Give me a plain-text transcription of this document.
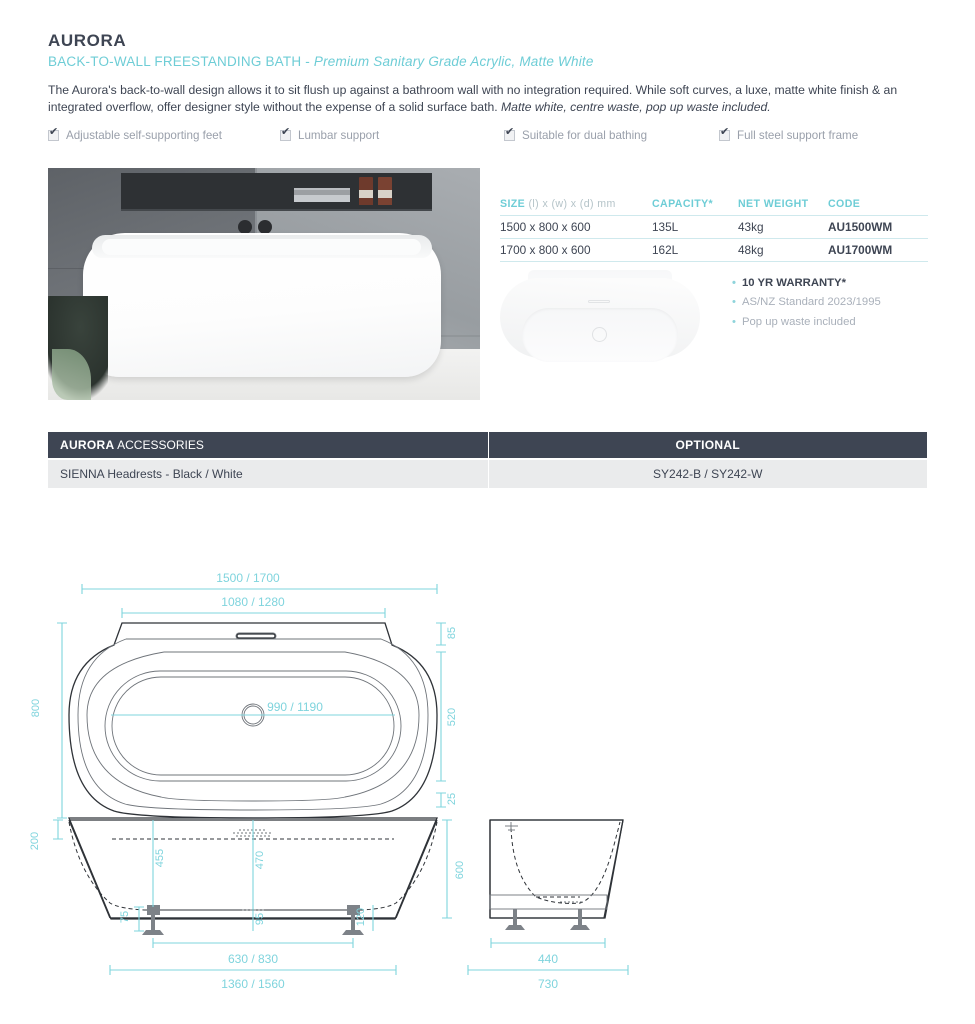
AURORA
BACK-TO-WALL FREESTANDING BATH - Premium Sanitary Grade Acrylic, Matte White
The Aurora's back-to-wall design allows it to sit flush up against a bathroom wall with no integration required. While soft curves, a luxe, matte white finish & an integrated overflow, offer designer style without the expense of a solid surface bath. Matte white, centre waste, pop up waste included.
✔
Adjustable self-supporting feet ✔	Lumbar support ✔	Suitable for dual bathing ✔	Full steel support frame
SIZE (l) x (w) x (d) mm	CAPACITY*	NET WEIGHT	CODE
1500 x 800 x 600	135L	43kg	AU1500WM
1700 x 800 x 600	162L	48kg	AU1700WM
• 10 YR WARRANTY*
• AS/NZ Standard 2023/1995
• Pop up waste included
AURORA ACCESSORIES	OPTIONAL
SIENNA Headrests - Black / White	SY242-B / SY242-W
1500 / 1700
1080 / 1280
800	990 / 1190
85
520
25
200
600
455	470
75	95	120
630 / 830
1360 / 1560
440
730
